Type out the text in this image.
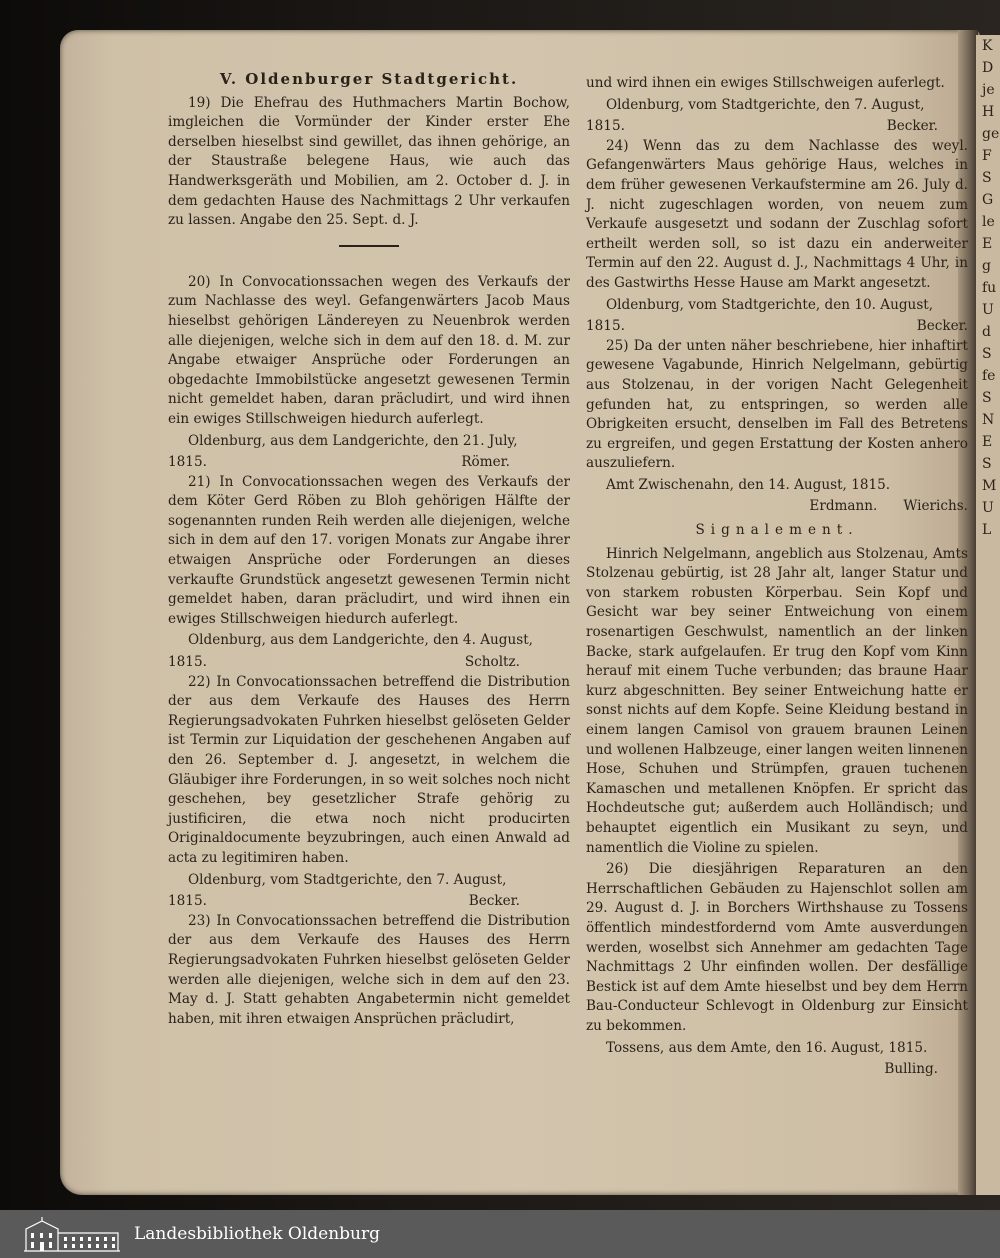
K
D
je
H
ge
F
S
G
le
E
g
fu
U
d
S
fe
S
N
E
S
M
U
L
V. Oldenburger Stadtgericht.

19) Die Ehefrau des Huthmachers Martin Bochow, imgleichen die Vormünder der Kinder erster Ehe derselben hieselbst sind gewillet, das ihnen gehörige, an der Staustraße belegene Haus, wie auch das Handwerksgeräth und Mobilien, am 2. October d. J. in dem gedachten Hause des Nachmittags 2 Uhr verkaufen zu lassen. Angabe den 25. Sept. d. J.

20) In Convocationssachen wegen des Verkaufs der zum Nachlasse des weyl. Gefangenwärters Jacob Maus hieselbst gehörigen Ländereyen zu Neuenbrok werden alle diejenigen, welche sich in dem auf den 18. d. M. zur Angabe etwaiger Ansprüche oder Forderungen an obgedachte Immobilstücke angesetzt gewesenen Termin nicht gemeldet haben, daran präcludirt, und wird ihnen ein ewiges Stillschweigen hiedurch auferlegt.

Oldenburg, aus dem Landgerichte, den 21. July,

1815.	Römer.

21) In Convocationssachen wegen des Verkaufs der dem Köter Gerd Röben zu Bloh gehörigen Hälfte der sogenannten runden Reih werden alle diejenigen, welche sich in dem auf den 17. vorigen Monats zur Angabe ihrer etwaigen Ansprüche oder Forderungen an dieses verkaufte Grundstück angesetzt gewesenen Termin nicht gemeldet haben, daran präcludirt, und wird ihnen ein ewiges Stillschweigen hiedurch auferlegt.

Oldenburg, aus dem Landgerichte, den 4. August,

1815.	Scholtz.

22) In Convocationssachen betreffend die Distribution der aus dem Verkaufe des Hauses des Herrn Regierungsadvokaten Fuhrken hieselbst gelöseten Gelder ist Termin zur Liquidation der geschehenen Angaben auf den 26. September d. J. angesetzt, in welchem die Gläubiger ihre Forderungen, in so weit solches noch nicht geschehen, bey gesetzlicher Strafe gehörig zu justificiren, die etwa noch nicht producirten Originaldocumente beyzubringen, auch einen Anwald ad acta zu legitimiren haben.

Oldenburg, vom Stadtgerichte, den 7. August,

1815.	Becker.

23) In Convocationssachen betreffend die Distribution der aus dem Verkaufe des Hauses des Herrn Regierungsadvokaten Fuhrken hieselbst gelöseten Gelder werden alle diejenigen, welche sich in dem auf den 23. May d. J. Statt gehabten Angabetermin nicht gemeldet haben, mit ihren etwaigen Ansprüchen präcludirt,

und wird ihnen ein ewiges Stillschweigen auferlegt.

Oldenburg, vom Stadtgerichte, den 7. August,

1815.	Becker.

24) Wenn das zu dem Nachlasse des weyl. Gefangenwärters Maus gehörige Haus, welches in dem früher gewesenen Verkaufstermine am 26. July d. J. nicht zugeschlagen worden, von neuem zum Verkaufe ausgesetzt und sodann der Zuschlag sofort ertheilt werden soll, so ist dazu ein anderweiter Termin auf den 22. August d. J., Nachmittags 4 Uhr, in des Gastwirths Hesse Hause am Markt angesetzt.

Oldenburg, vom Stadtgerichte, den 10. August,

1815.	Becker.

25) Da der unten näher beschriebene, hier inhaftirt gewesene Vagabunde, Hinrich Nelgelmann, gebürtig aus Stolzenau, in der vorigen Nacht Gelegenheit gefunden hat, zu entspringen, so werden alle Obrigkeiten ersucht, denselben im Fall des Betretens zu ergreifen, und gegen Erstattung der Kosten anhero auszuliefern.

Amt Zwischenahn, den 14. August, 1815.

Erdmann. Wierichs.
Signalement.

Hinrich Nelgelmann, angeblich aus Stolzenau, Amts Stolzenau gebürtig, ist 28 Jahr alt, langer Statur und von starkem robusten Körperbau. Sein Kopf und Gesicht war bey seiner Entweichung von einem rosenartigen Geschwulst, namentlich an der linken Backe, stark aufgelaufen. Er trug den Kopf vom Kinn herauf mit einem Tuche verbunden; das braune Haar kurz abgeschnitten. Bey seiner Entweichung hatte er sonst nichts auf dem Kopfe. Seine Kleidung bestand in einem langen Camisol von grauem braunen Leinen und wollenen Halbzeuge, einer langen weiten linnenen Hose, Schuhen und Strümpfen, grauen tuchenen Kamaschen und metallenen Knöpfen. Er spricht das Hochdeutsche gut; außerdem auch Holländisch; und behauptet eigentlich ein Musikant zu seyn, und namentlich die Violine zu spielen.

26) Die diesjährigen Reparaturen an den Herrschaftlichen Gebäuden zu Hajenschlot sollen am 29. August d. J. in Borchers Wirthshause zu Tossens öffentlich mindestfordernd vom Amte ausverdungen werden, woselbst sich Annehmer am gedachten Tage Nachmittags 2 Uhr einfinden wollen. Der desfällige Bestick ist auf dem Amte hieselbst und bey dem Herrn Bau-Conducteur Schlevogt in Oldenburg zur Einsicht zu bekommen.

Tossens, aus dem Amte, den 16. August, 1815.

Bulling.
Landesbibliothek Oldenburg
